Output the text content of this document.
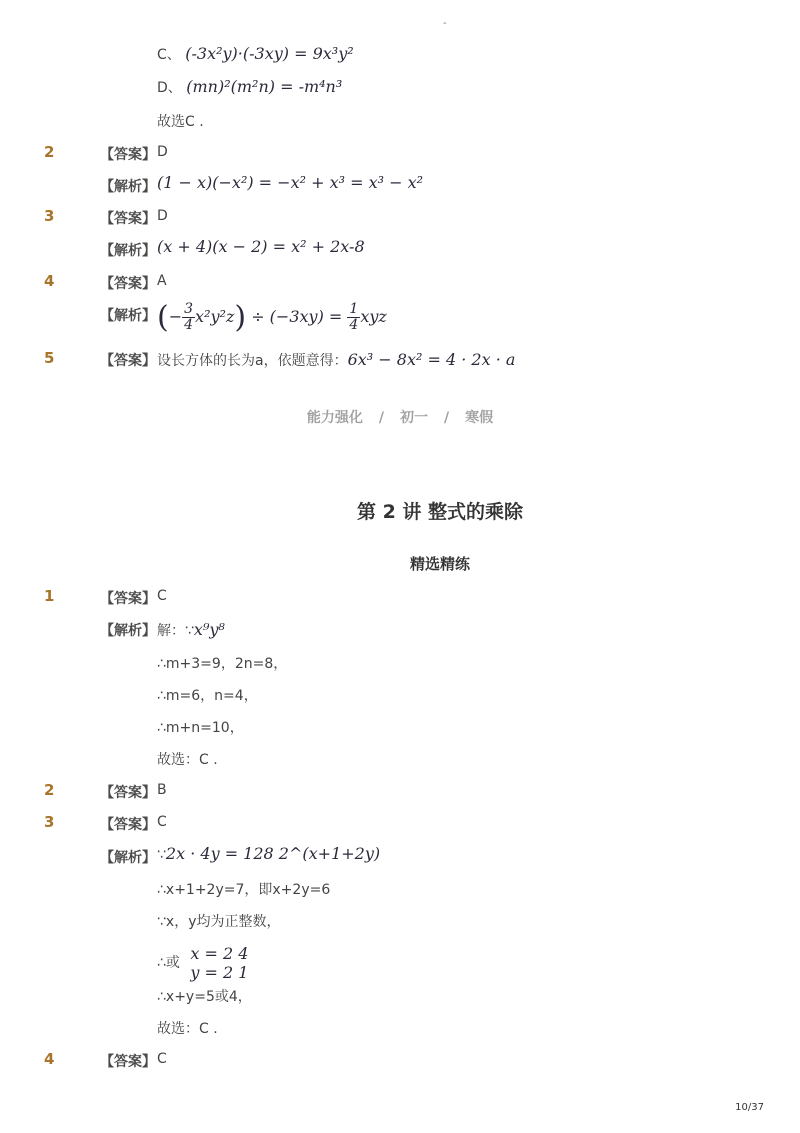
-
C、 (-3x²y)·(-3xy) = 9x³y²
D、 (mn)²(m²n) = -m⁴n³
故选C .
2	【答案】 D
【解析】 (1 − x)(−x²) = −x² + x³ = x³ − x²
3	【答案】 D
【解析】 (x + 4)(x − 2) = x² + 2x-8
4	【答案】 A
【解析】 (− $\frac{3}{4} x^2y^2z) \div (-3xy) = \frac{1}{4}$ xyz
5	【答案】 设长方体的长为a，依题意得：6x³ − 8x² = 4 · 2x · a
能力强化 / 初一 / 寒假
第 2 讲 整式的乘除
精选精练
1	【答案】 C
【解析】 解：∵x⁹y⁸
∴m+3=9，2n=8，
∴m=6，n=4，
∴m+n=10，
故选：C .
2	【答案】 B
3	【答案】 C
【解析】 ∵2x · 4y = 128 2^(x+1+2y)
∴x+1+2y=7，即x+2y=6
∵x，y均为正整数，
∴或 x = 2 4
y = 2 1
∴x+y=5或4，
故选：C .
4	【答案】 C
10/37
